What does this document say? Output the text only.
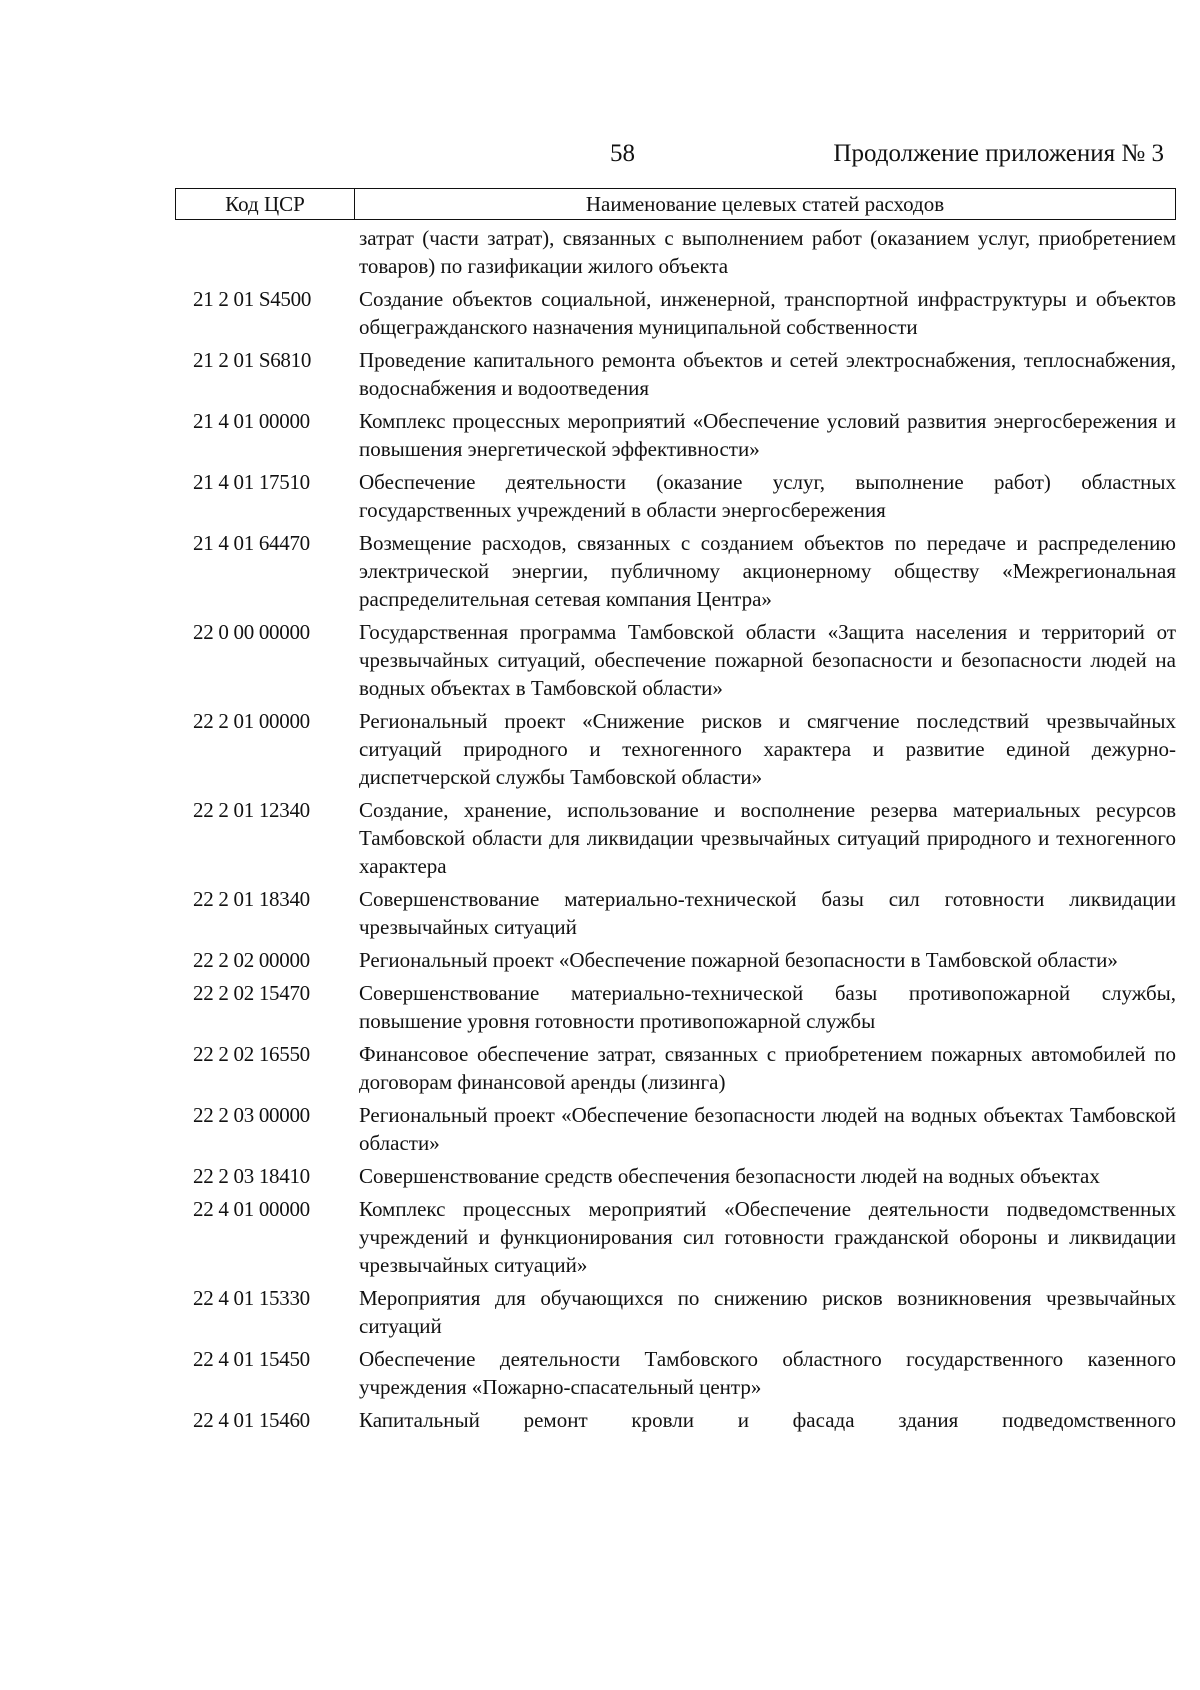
58	Продолжение приложения № 3
Код ЦСР	Наименование целевых статей расходов
затрат (части затрат), связанных с выполнением работ (оказанием услуг, приобретением товаров) по газификации жилого объекта
21 2 01 S4500	Создание объектов социальной, инженерной, транспортной инфраструктуры и объектов общегражданского назначения муниципальной собственности
21 2 01 S6810	Проведение капитального ремонта объектов и сетей электроснабжения, теплоснабжения, водоснабжения и водоотведения
21 4 01 00000	Комплекс процессных мероприятий «Обеспечение условий развития энергосбережения и повышения энергетической эффективности»
21 4 01 17510	Обеспечение деятельности (оказание услуг, выполнение работ) областных государственных учреждений в области энергосбережения
21 4 01 64470	Возмещение расходов, связанных с созданием объектов по передаче и распределению электрической энергии, публичному акционерному обществу «Межрегиональная распределительная сетевая компания Центра»
22 0 00 00000	Государственная программа Тамбовской области «Защита населения и территорий от чрезвычайных ситуаций, обеспечение пожарной безопасности и безопасности людей на водных объектах в Тамбовской области»
22 2 01 00000	Региональный проект «Снижение рисков и смягчение последствий чрезвычайных ситуаций природного и техногенного характера и развитие единой дежурно-диспетчерской службы Тамбовской области»
22 2 01 12340	Создание, хранение, использование и восполнение резерва материальных ресурсов Тамбовской области для ликвидации чрезвычайных ситуаций природного и техногенного характера
22 2 01 18340	Совершенствование материально-технической базы сил готовности ликвидации чрезвычайных ситуаций
22 2 02 00000	Региональный проект «Обеспечение пожарной безопасности в Тамбовской области»
22 2 02 15470	Совершенствование материально-технической базы противопожарной службы, повышение уровня готовности противопожарной службы
22 2 02 16550	Финансовое обеспечение затрат, связанных с приобретением пожарных автомобилей по договорам финансовой аренды (лизинга)
22 2 03 00000	Региональный проект «Обеспечение безопасности людей на водных объектах Тамбовской области»
22 2 03 18410	Совершенствование средств обеспечения безопасности людей на водных объектах
22 4 01 00000	Комплекс процессных мероприятий «Обеспечение деятельности подведомственных учреждений и функционирования сил готовности гражданской обороны и ликвидации чрезвычайных ситуаций»
22 4 01 15330	Мероприятия для обучающихся по снижению рисков возникновения чрезвычайных ситуаций
22 4 01 15450	Обеспечение деятельности Тамбовского областного государственного казенного учреждения «Пожарно-спасательный центр»
22 4 01 15460	Капитальный ремонт кровли и фасада здания подведомственного
